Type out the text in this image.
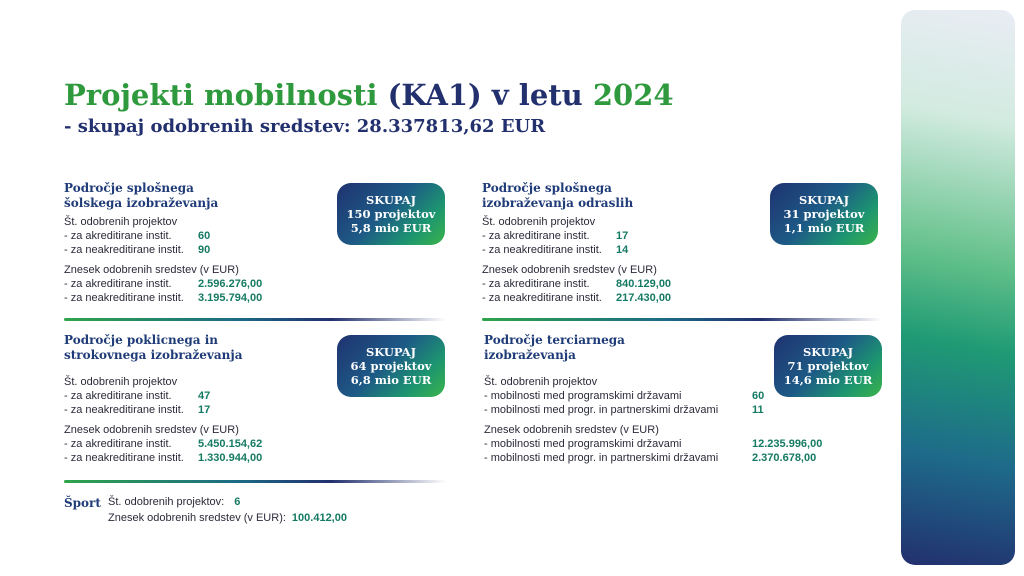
Projekti mobilnosti (KA1) v letu 2024
- skupaj odobrenih sredstev: 28.337813,62 EUR
Področje splošnega
šolskega izobraževanja
Št. odobrenih projektov
- za akreditirane instit.	60
- za neakreditirane instit.	90
Znesek odobrenih sredstev (v EUR)
- za akreditirane instit.	2.596.276,00
- za neakreditirane instit.	3.195.794,00
SKUPAJ
150 projektov
5,8 mio EUR
Področje splošnega
izobraževanja odraslih
Št. odobrenih projektov
- za akreditirane instit.	17
- za neakreditirane instit.	14
Znesek odobrenih sredstev (v EUR)
- za akreditirane instit.	840.129,00
- za neakreditirane instit.	217.430,00
SKUPAJ
31 projektov
1,1 mio EUR
Področje poklicnega in
strokovnega izobraževanja
Št. odobrenih projektov
- za akreditirane instit.	47
- za neakreditirane instit.	17
Znesek odobrenih sredstev (v EUR)
- za akreditirane instit.	5.450.154,62
- za neakreditirane instit.	1.330.944,00
SKUPAJ
64 projektov
6,8 mio EUR
Področje terciarnega
izobraževanja
Št. odobrenih projektov
- mobilnosti med programskimi državami	60
- mobilnosti med progr. in partnerskimi državami	11
Znesek odobrenih sredstev (v EUR)
- mobilnosti med programskimi državami	12.235.996,00
- mobilnosti med progr. in partnerskimi državami	2.370.678,00
SKUPAJ
71 projektov
14,6 mio EUR
Šport Št. odobrenih projektov: 6
Znesek odobrenih sredstev (v EUR): 100.412,00
